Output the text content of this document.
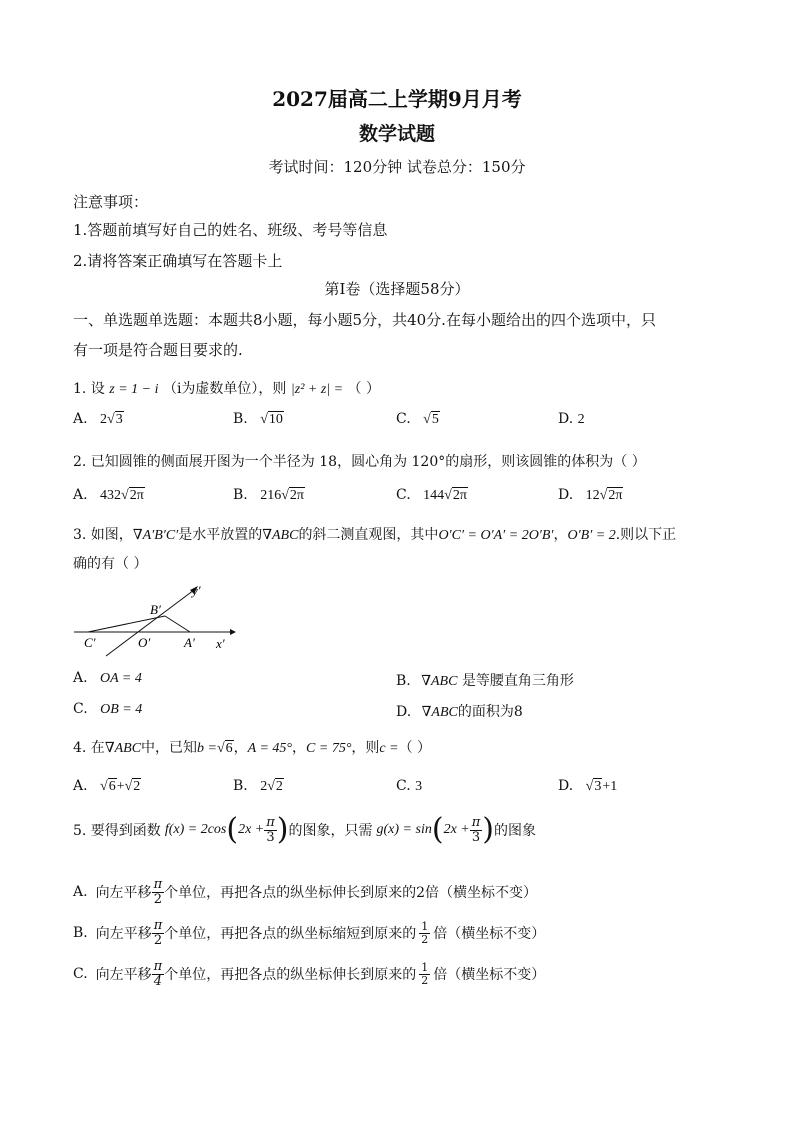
2027届高二上学期9月月考
数学试题
考试时间：120分钟 试卷总分：150分
注意事项：
1.答题前填写好自己的姓名、班级、考号等信息
2.请将答案正确填写在答题卡上
第I卷（选择题58分）
一、单选题单选题：本题共8小题，每小题5分，共40分.在每小题给出的四个选项中，只
有一项是符合题目要求的.
1. 设 z = 1 − i （i为虚数单位），则 |z² + z| = （ ）
A. 2√3	B. √10	C. √5	D. 2
2. 已知圆锥的侧面展开图为一个半径为 18，圆心角为 120°的扇形，则该圆锥的体积为（ ）
A. 432√2π	B. 216√2π	C. 144√2π	D. 12√2π
3. 如图，∇A′B′C′是水平放置的∇ABC的斜二测直观图，其中O′C′ = O′A′ = 2O′B′，O′B′ = 2.则以下正
确的有（ ）
y′
B′
C′	O′	A′ x′
A. OA = 4	B. ∇ABC 是等腰直角三角形
C. OB = 4	D. ∇ABC的面积为8
4. 在∇ABC中，已知b =√6，A = 45°，C = 75°，则c =（ ）
A. √6+√2	B. 2√2	C. 3	D. √3+1
5. 要得到函数 f(x) = 2cos ( $2x + \frac{\pi}{3}$ ) 的图象，只需 g(x) = sin ( $2x + \frac{\pi}{3}$ ) 的图象
A. 向左平移 $\frac{\pi}{2}$ 个单位，再把各点的纵坐标伸长到原来的2倍（横坐标不变）
B. 向左平移 $\frac{\pi}{2}$ 个单位，再把各点的纵坐标缩短到原来的 $\frac{1}{2}$ 倍（横坐标不变）
C. 向左平移 $\frac{\pi}{4}$ 个单位，再把各点的纵坐标伸长到原来的 $\frac{1}{2}$ 倍（横坐标不变）
